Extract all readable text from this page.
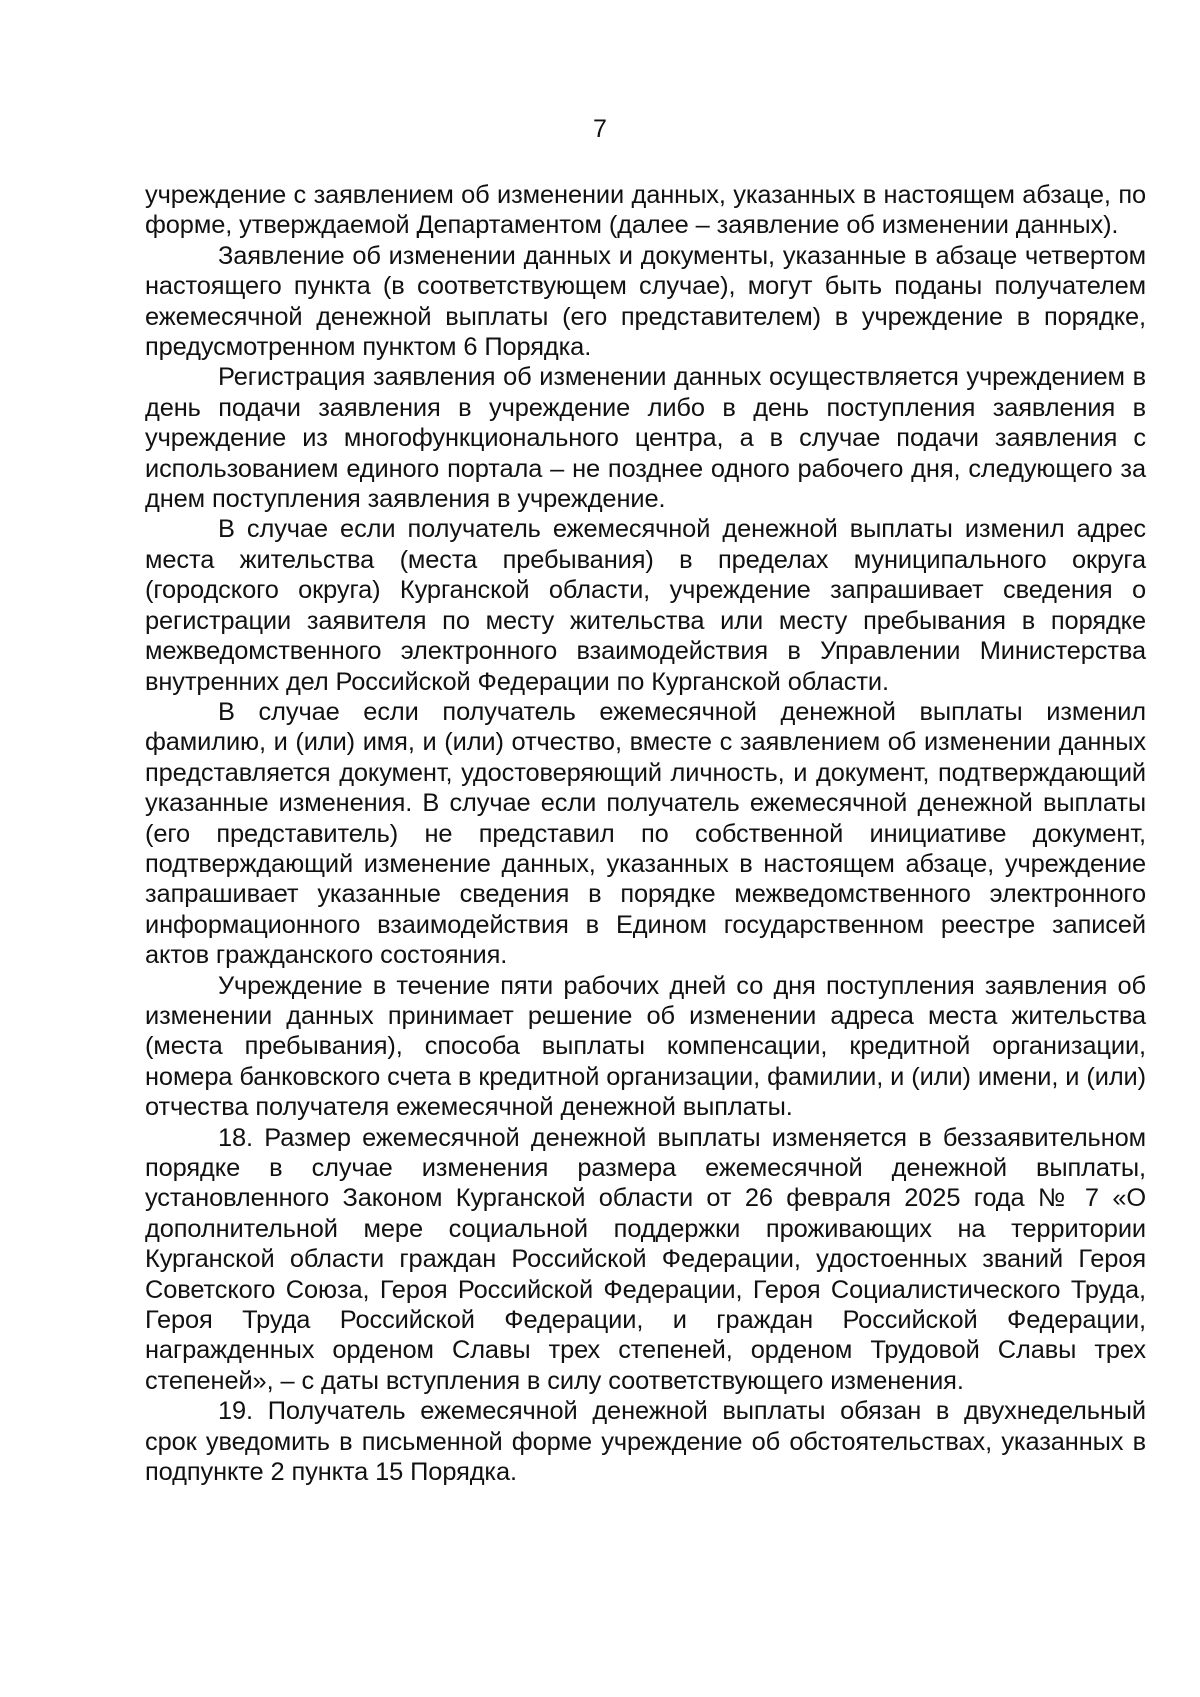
7

учреждение с заявлением об изменении данных, указанных в настоящем абзаце, по форме, утверждаемой Департаментом (далее – заявление об изменении данных).

Заявление об изменении данных и документы, указанные в абзаце четвертом настоящего пункта (в соответствующем случае), могут быть поданы получателем ежемесячной денежной выплаты (его представителем) в учреждение в порядке, предусмотренном пунктом 6 Порядка.

Регистрация заявления об изменении данных осуществляется учреждением в день подачи заявления в учреждение либо в день поступления заявления в учреждение из многофункционального центра, а в случае подачи заявления с использованием единого портала – не позднее одного рабочего дня, следующего за днем поступления заявления в учреждение.

В случае если получатель ежемесячной денежной выплаты изменил адрес места жительства (места пребывания) в пределах муниципального округа (городского округа) Курганской области, учреждение запрашивает сведения о регистрации заявителя по месту жительства или месту пребывания в порядке межведомственного электронного взаимодействия в Управлении Министерства внутренних дел Российской Федерации по Курганской области.

В случае если получатель ежемесячной денежной выплаты изменил фамилию, и (или) имя, и (или) отчество, вместе с заявлением об изменении данных представляется документ, удостоверяющий личность, и документ, подтверждающий указанные изменения. В случае если получатель ежемесячной денежной выплаты (его представитель) не представил по собственной инициативе документ, подтверждающий изменение данных, указанных в настоящем абзаце, учреждение запрашивает указанные сведения в порядке межведомственного электронного информационного взаимодействия в Едином государственном реестре записей актов гражданского состояния.

Учреждение в течение пяти рабочих дней со дня поступления заявления об изменении данных принимает решение об изменении адреса места жительства (места пребывания), способа выплаты компенсации, кредитной организации, номера банковского счета в кредитной организации, фамилии, и (или) имени, и (или) отчества получателя ежемесячной денежной выплаты.

18. Размер ежемесячной денежной выплаты изменяется в беззаявительном порядке в случае изменения размера ежемесячной денежной выплаты, установленного Законом Курганской области от 26 февраля 2025 года № 7 «О дополнительной мере социальной поддержки проживающих на территории Курганской области граждан Российской Федерации, удостоенных званий Героя Советского Союза, Героя Российской Федерации, Героя Социалистического Труда, Героя Труда Российской Федерации, и граждан Российской Федерации, награжденных орденом Славы трех степеней, орденом Трудовой Славы трех степеней», – с даты вступления в силу соответствующего изменения.

19. Получатель ежемесячной денежной выплаты обязан в двухнедельный срок уведомить в письменной форме учреждение об обстоятельствах, указанных в подпункте 2 пункта 15 Порядка.
